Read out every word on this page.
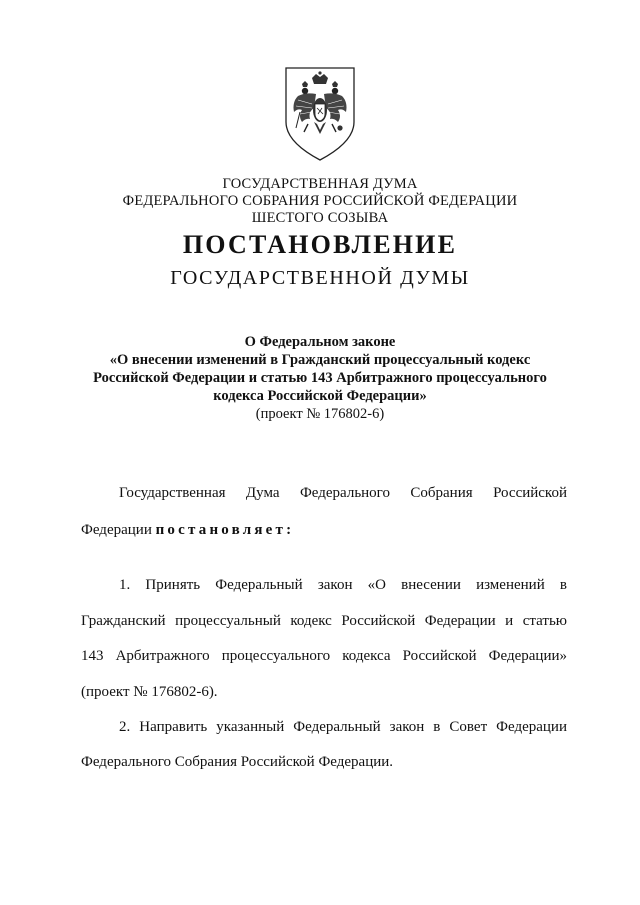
ГОСУДАРСТВЕННАЯ ДУМА
ФЕДЕРАЛЬНОГО СОБРАНИЯ РОССИЙСКОЙ ФЕДЕРАЦИИ
ШЕСТОГО СОЗЫВА
ПОСТАНОВЛЕНИЕ
ГОСУДАРСТВЕННОЙ ДУМЫ
О Федеральном законе
«О внесении изменений в Гражданский процессуальный кодекс
Российской Федерации и статью 143 Арбитражного процессуального
кодекса Российской Федерации»
(проект № 176802-6)
Государственная Дума Федерального Собрания Российской
Федерации постановляет:
1. Принять Федеральный закон «О внесении изменений в
Гражданский процессуальный кодекс Российской Федерации и статью
143 Арбитражного процессуального кодекса Российской Федерации»
(проект № 176802-6).
2. Направить указанный Федеральный закон в Совет Федерации
Федерального Собрания Российской Федерации.
